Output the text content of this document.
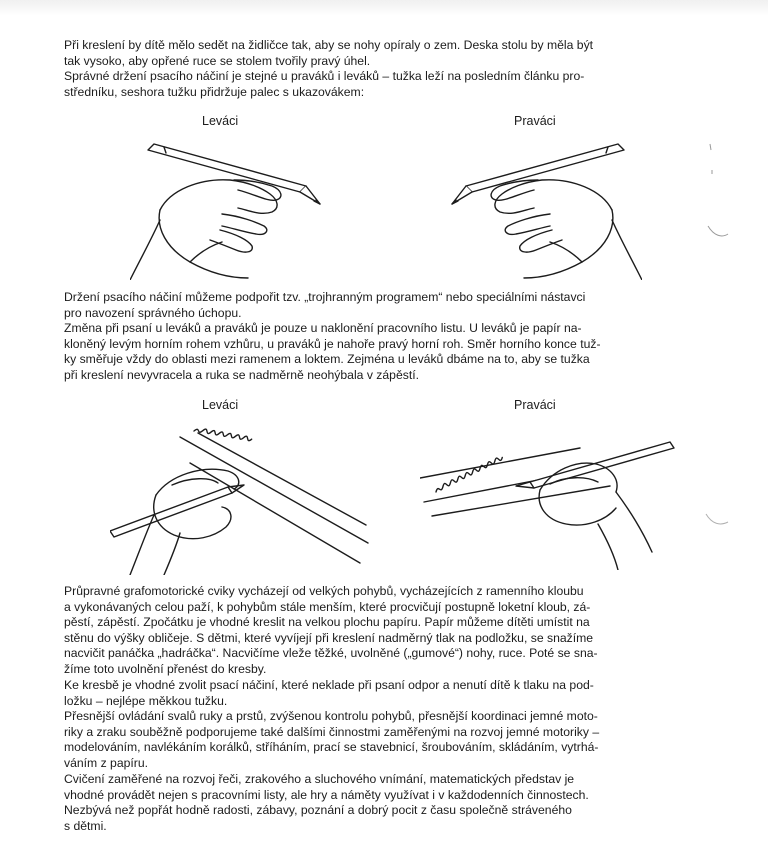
Při kreslení by dítě mělo sedět na židličce tak, aby se nohy opíraly o zem. Deska stolu by měla být
tak vysoko, aby opřené ruce se stolem tvořily pravý úhel.

Správné držení psacího náčiní je stejné u praváků i leváků – tužka leží na posledním článku pro-
středníku, seshora tužku přidržuje palec s ukazovákem:

Leváci	Praváci

Držení psacího náčiní můžeme podpořit tzv. „trojhranným programem“ nebo speciálními nástavci
pro navození správného úchopu.

Změna při psaní u leváků a praváků je pouze u naklonění pracovního listu. U leváků je papír na-
kloněný levým horním rohem vzhůru, u praváků je nahoře pravý horní roh. Směr horního konce tuž-
ky směřuje vždy do oblasti mezi ramenem a loktem. Zejména u leváků dbáme na to, aby se tužka
při kreslení nevyvracela a ruka se nadměrně neohýbala v zápěstí.

Leváci	Praváci

Průpravné grafomotorické cviky vycházejí od velkých pohybů, vycházejících z ramenního kloubu
a vykonávaných celou paží, k pohybům stále menším, které procvičují postupně loketní kloub, zá-
pěstí, zápěstí. Zpočátku je vhodné kreslit na velkou plochu papíru. Papír můžeme dítěti umístit na
stěnu do výšky obličeje. S dětmi, které vyvíjejí při kreslení nadměrný tlak na podložku, se snažíme
nacvičit panáčka „hadráčka“. Nacvičíme vleže těžké, uvolněné („gumové“) nohy, ruce. Poté se sna-
žíme toto uvolnění přenést do kresby.

Ke kresbě je vhodné zvolit psací náčiní, které neklade při psaní odpor a nenutí dítě k tlaku na pod-
ložku – nejlépe měkkou tužku.

Přesnější ovládání svalů ruky a prstů, zvýšenou kontrolu pohybů, přesnější koordinaci jemné moto-
riky a zraku souběžně podporujeme také dalšími činnostmi zaměřenými na rozvoj jemné motoriky –
modelováním, navlékáním korálků, stříháním, prací se stavebnicí, šroubováním, skládáním, vytrhá-
váním z papíru.

Cvičení zaměřené na rozvoj řeči, zrakového a sluchového vnímání, matematických představ je
vhodné provádět nejen s pracovními listy, ale hry a náměty využívat i v každodenních činnostech.

Nezbývá než popřát hodně radosti, zábavy, poznání a dobrý pocit z času společně stráveného
s dětmi.
